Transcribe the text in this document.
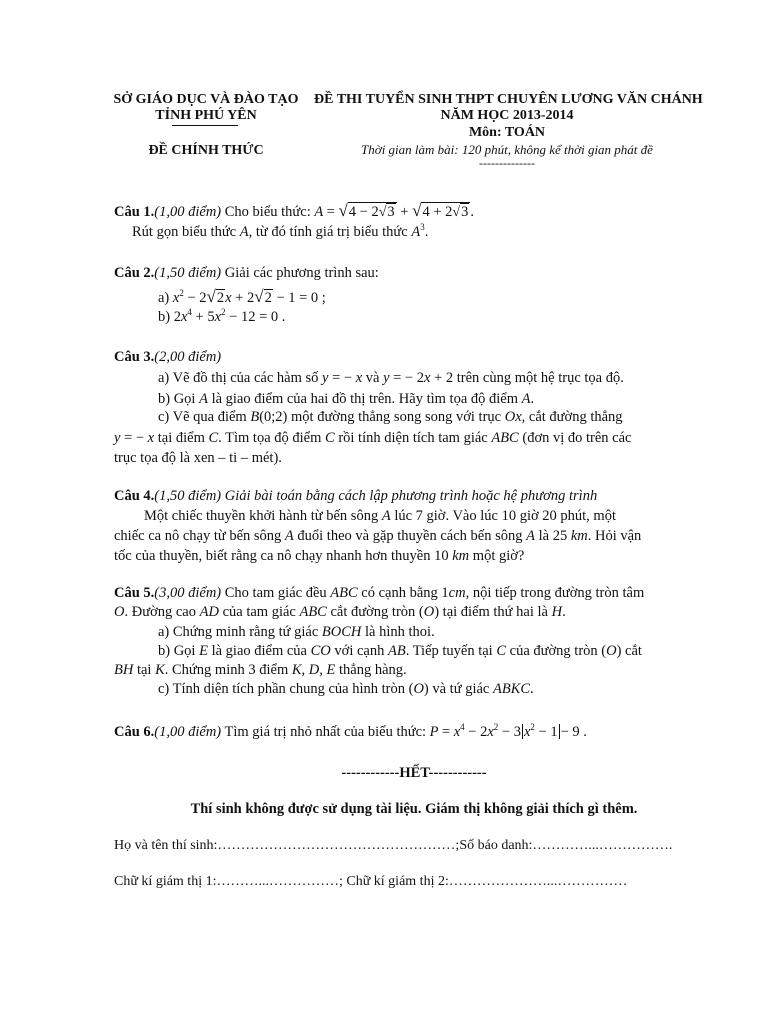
SỞ GIÁO DỤC VÀ ĐÀO TẠO
TỈNH PHÚ YÊN
ĐỀ CHÍNH THỨC
ĐỀ THI TUYỂN SINH THPT CHUYÊN LƯƠNG VĂN CHÁNH
NĂM HỌC 2013-2014
Môn: TOÁN
Thời gian làm bài: 120 phút, không kể thời gian phát đề
--------------
Câu 1.(1,00 điểm) Cho biểu thức: A = √4 − 2√3 + √4 + 2√3 .
Rút gọn biểu thức A, từ đó tính giá trị biểu thức $A^3$.
Câu 2.(1,50 điểm) Giải các phương trình sau:
a) $x^2 - 2√2x + 2√2 - 1 = 0$ ;
b) $2x^4 + 5x^2 - 12 = 0$ .
Câu 3.(2,00 điểm)
a) Vẽ đồ thị của các hàm số y = − x và y = − 2x + 2 trên cùng một hệ trục tọa độ.
b) Gọi A là giao điểm của hai đồ thị trên. Hãy tìm tọa độ điểm A.
c) Vẽ qua điểm B(0;2) một đường thẳng song song với trục Ox, cắt đường thẳng
y = − x tại điểm C. Tìm tọa độ điểm C rồi tính diện tích tam giác ABC (đơn vị đo trên các
trục tọa độ là xen – ti – mét).
Câu 4.(1,50 điểm) Giải bài toán bằng cách lập phương trình hoặc hệ phương trình
Một chiếc thuyền khởi hành từ bến sông A lúc 7 giờ. Vào lúc 10 giờ 20 phút, một
chiếc ca nô chạy từ bến sông A đuổi theo và gặp thuyền cách bến sông A là 25 km. Hỏi vận
tốc của thuyền, biết rằng ca nô chạy nhanh hơn thuyền 10 km một giờ?
Câu 5.(3,00 điểm) Cho tam giác đều ABC có cạnh bằng 1cm, nội tiếp trong đường tròn tâm
O. Đường cao AD của tam giác ABC cắt đường tròn (O) tại điểm thứ hai là H.
a) Chứng minh rằng tứ giác BOCH là hình thoi.
b) Gọi E là giao điểm của CO với cạnh AB. Tiếp tuyến tại C của đường tròn (O) cắt
BH tại K. Chứng minh 3 điểm K, D, E thẳng hàng.
c) Tính diện tích phần chung của hình tròn (O) và tứ giác ABKC.
Câu 6.(1,00 điểm) Tìm giá trị nhỏ nhất của biểu thức: $P = x^4 - 2x^2 - 3$ $x^2 - 1 - 9$ .
------------HẾT------------
Thí sinh không được sử dụng tài liệu. Giám thị không giải thích gì thêm.
Họ và tên thí sinh:……………………………………………;Số báo danh:…………...…………….
Chữ kí giám thị 1:………...……………; Chữ kí giám thị 2:…………………...……………
